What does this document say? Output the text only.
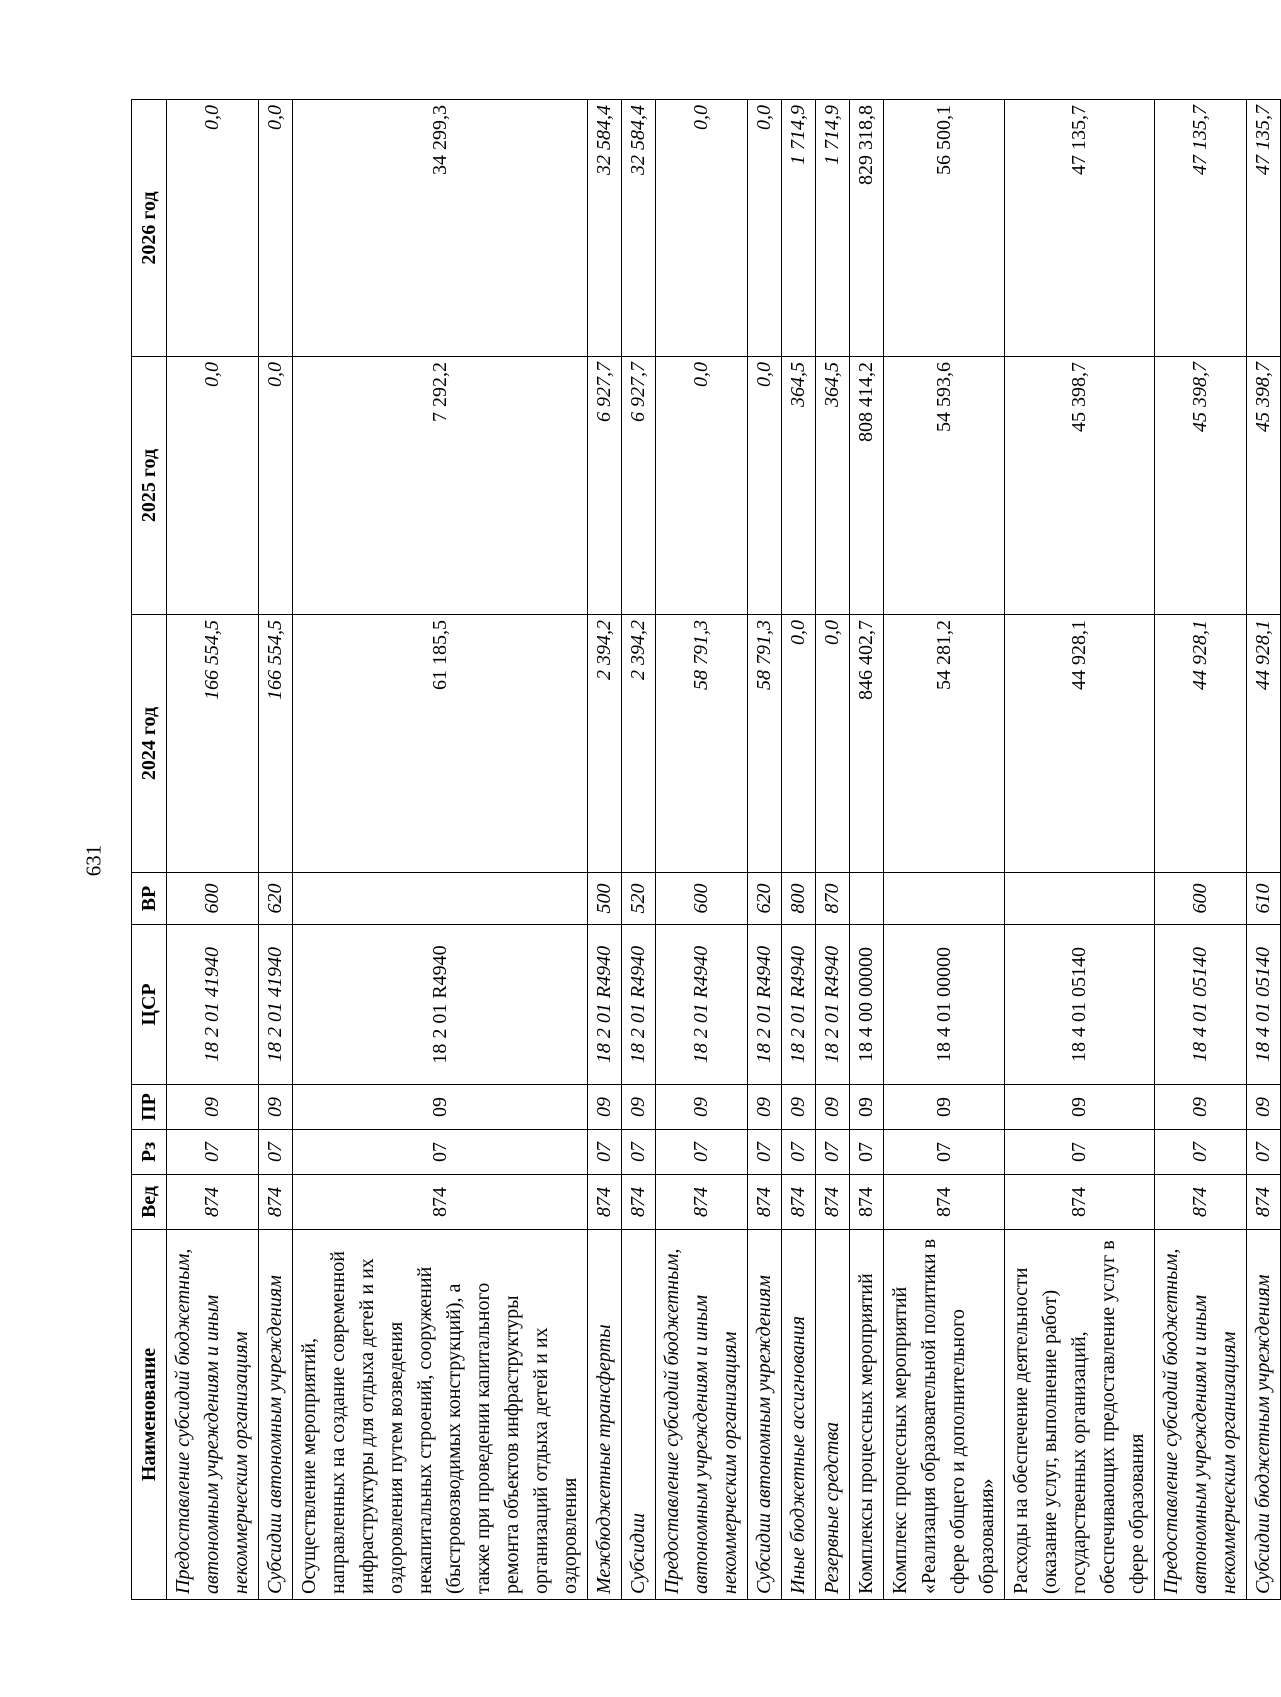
631
Наименование	Вед	Рз	ПР	ЦСР	ВР	2024 год	2025 год	2026 год
Предоставление субсидий бюджетным, автономным учреждениям и иным некоммерческим организациям	874	07	09	18 2 01 41940	600	166 554,5	0,0	0,0
Субсидии автономным учреждениям	874	07	09	18 2 01 41940	620	166 554,5	0,0	0,0
Осуществление мероприятий, направленных на создание современной инфраструктуры для отдыха детей и их оздоровления путем возведения некапитальных строений, сооружений (быстровозводимых конструкций), а также при проведении капитального ремонта объектов инфраструктуры организаций отдыха детей и их оздоровления	874	07	09	18 2 01 R4940		61 185,5	7 292,2	34 299,3
Межбюджетные трансферты	874	07	09	18 2 01 R4940	500	2 394,2	6 927,7	32 584,4
Субсидии	874	07	09	18 2 01 R4940	520	2 394,2	6 927,7	32 584,4
Предоставление субсидий бюджетным, автономным учреждениям и иным некоммерческим организациям	874	07	09	18 2 01 R4940	600	58 791,3	0,0	0,0
Субсидии автономным учреждениям	874	07	09	18 2 01 R4940	620	58 791,3	0,0	0,0
Иные бюджетные ассигнования	874	07	09	18 2 01 R4940	800	0,0	364,5	1 714,9
Резервные средства	874	07	09	18 2 01 R4940	870	0,0	364,5	1 714,9
Комплексы процессных мероприятий	874	07	09	18 4 00 00000		846 402,7	808 414,2	829 318,8
Комплекс процессных мероприятий «Реализация образовательной политики в сфере общего и дополнительного образования»	874	07	09	18 4 01 00000		54 281,2	54 593,6	56 500,1
Расходы на обеспечение деятельности (оказание услуг, выполнение работ) государственных организаций, обеспечивающих предоставление услуг в сфере образования	874	07	09	18 4 01 05140		44 928,1	45 398,7	47 135,7
Предоставление субсидий бюджетным, автономным учреждениям и иным некоммерческим организациям	874	07	09	18 4 01 05140	600	44 928,1	45 398,7	47 135,7
Субсидии бюджетным учреждениям	874	07	09	18 4 01 05140	610	44 928,1	45 398,7	47 135,7
